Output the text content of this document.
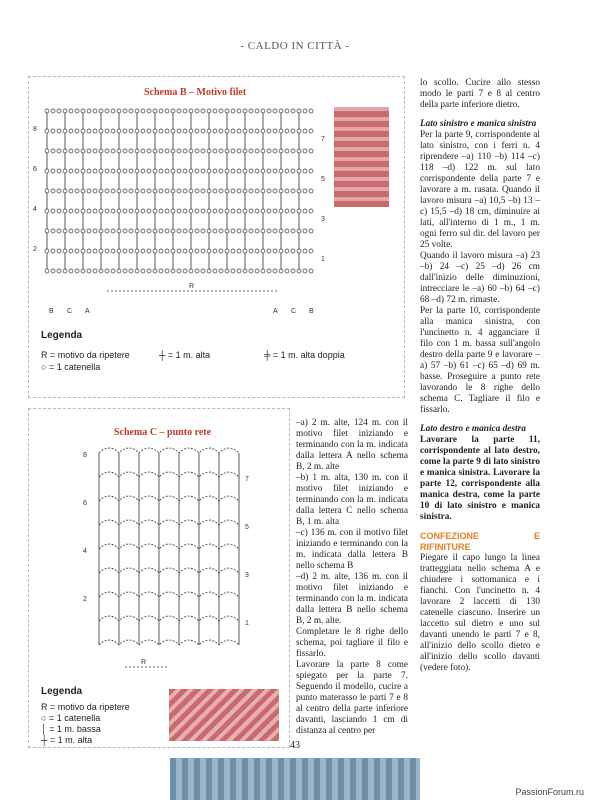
- CALDO IN CITTÀ -
Schema B – Motivo filet
8
6
4
2
7
5
3
1
B C A	A C B
R
Legenda
R = motivo da ripetere
○ = 1 catenella
┼ = 1 m. alta	╪ = 1 m. alta doppia
Schema C – punto rete
8
6
4
2
7
5
3
1
R
Legenda
R = motivo da ripetere
○ = 1 catenella
│ = 1 m. bassa
┼ = 1 m. alta

–a) 2 m. alte, 124 m. con il motivo filet iniziando e terminando con la m. indicata dalla lettera A nello schema B, 2 m. alte

–b) 1 m. alta, 130 m. con il motivo filet iniziando e terminando con la m. indicata dalla lettera C nello schema B, 1 m. alta

–c) 136 m. con il motivo filet iniziando e terminando con la m. indicata dalla lettera B nello schema B

–d) 2 m. alte, 136 m. con il motivo filet iniziando e terminando con la m. indicata dalla lettera B nello schema B, 2 m. alte.

Completare le 8 righe dello schema, poi tagliare il filo e fissarlo.

Lavorare la parte 8 come spiegato per la parte 7. Seguendo il modello, cucire a punto materasso le parti 7 e 8 al centro della parte inferiore davanti, lasciando 1 cm di distanza al centro per

lo scollo. Cucire allo stesso modo le parti 7 e 8 al centro della parte inferiore dietro.

Lato sinistro e manica sinistra

Per la parte 9, corrispondente al lato sinistro, con i ferri n. 4 riprendere –a) 110 –b) 114 –c) 118 –d) 122 m. sul lato corrispondente della parte 7 e lavorare a m. rasata. Quando il lavoro misura –a) 10,5 –b) 13 –c) 15,5 –d) 18 cm, diminuire ai lati, all'interno di 1 m., 1 m. ogni ferro sul dir. del lavoro per 25 volte.

Quando il lavoro misura –a) 23 –b) 24 –c) 25 –d) 26 cm dall'inizio delle diminuzioni, intrecciare le –a) 60 –b) 64 –c) 68 –d) 72 m. rimaste.

Per la parte 10, corrispondente alla manica sinistra, con l'uncinetto n. 4 agganciare il filo con 1 m. bassa sull'angolo destro della parte 9 e lavorare –a) 57 –b) 61 –c) 65 –d) 69 m. basse. Proseguire a punto rete lavorando le 8 righe dello schema C. Tagliare il filo e fissarlo.

Lato destro e manica destra

Lavorare la parte 11, corrispondente al lato destro, come la parte 9 di lato sinistro e manica sinistra. Lavorare la parte 12, corrispondente alla manica destra, come la parte 10 di lato sinistro e manica sinistra.

CONFEZIONE E RIFINITURE

Piegare il capo lungo la linea tratteggiata nello schema A e chiudere i sottomanica e i fianchi. Con l'uncinetto n. 4 lavorare 2 laccetti di 130 catenelle ciascuno. Inserire un laccetto sul dietro e uno sul davanti unendo le parti 7 e 8, all'inizio dello scollo dietro e all'inizio dello scollo davanti (vedere foto).

43
PassionForum.ru
